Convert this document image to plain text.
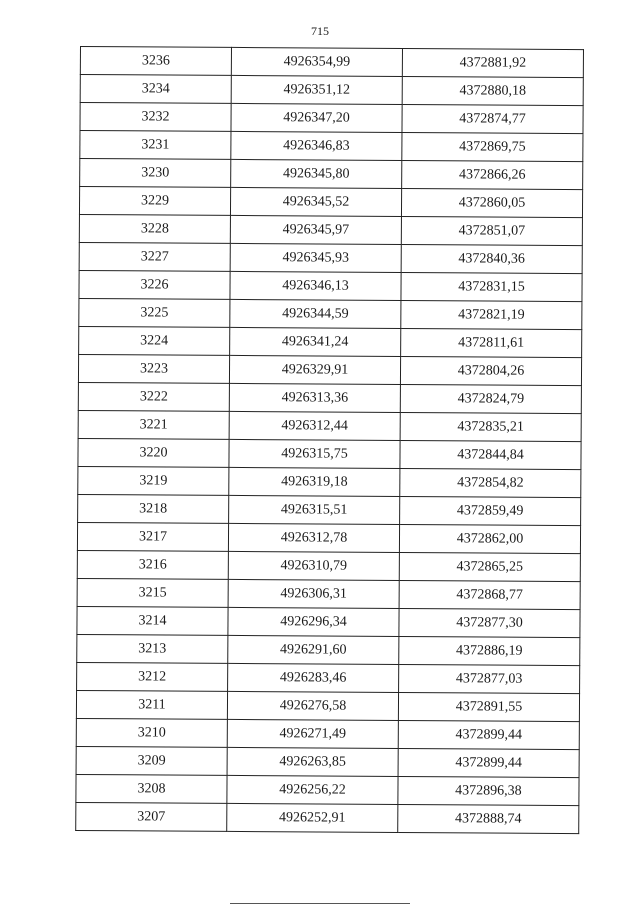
715
3236	4926354,99	4372881,92
3234	4926351,12	4372880,18
3232	4926347,20	4372874,77
3231	4926346,83	4372869,75
3230	4926345,80	4372866,26
3229	4926345,52	4372860,05
3228	4926345,97	4372851,07
3227	4926345,93	4372840,36
3226	4926346,13	4372831,15
3225	4926344,59	4372821,19
3224	4926341,24	4372811,61
3223	4926329,91	4372804,26
3222	4926313,36	4372824,79
3221	4926312,44	4372835,21
3220	4926315,75	4372844,84
3219	4926319,18	4372854,82
3218	4926315,51	4372859,49
3217	4926312,78	4372862,00
3216	4926310,79	4372865,25
3215	4926306,31	4372868,77
3214	4926296,34	4372877,30
3213	4926291,60	4372886,19
3212	4926283,46	4372877,03
3211	4926276,58	4372891,55
3210	4926271,49	4372899,44
3209	4926263,85	4372899,44
3208	4926256,22	4372896,38
3207	4926252,91	4372888,74
